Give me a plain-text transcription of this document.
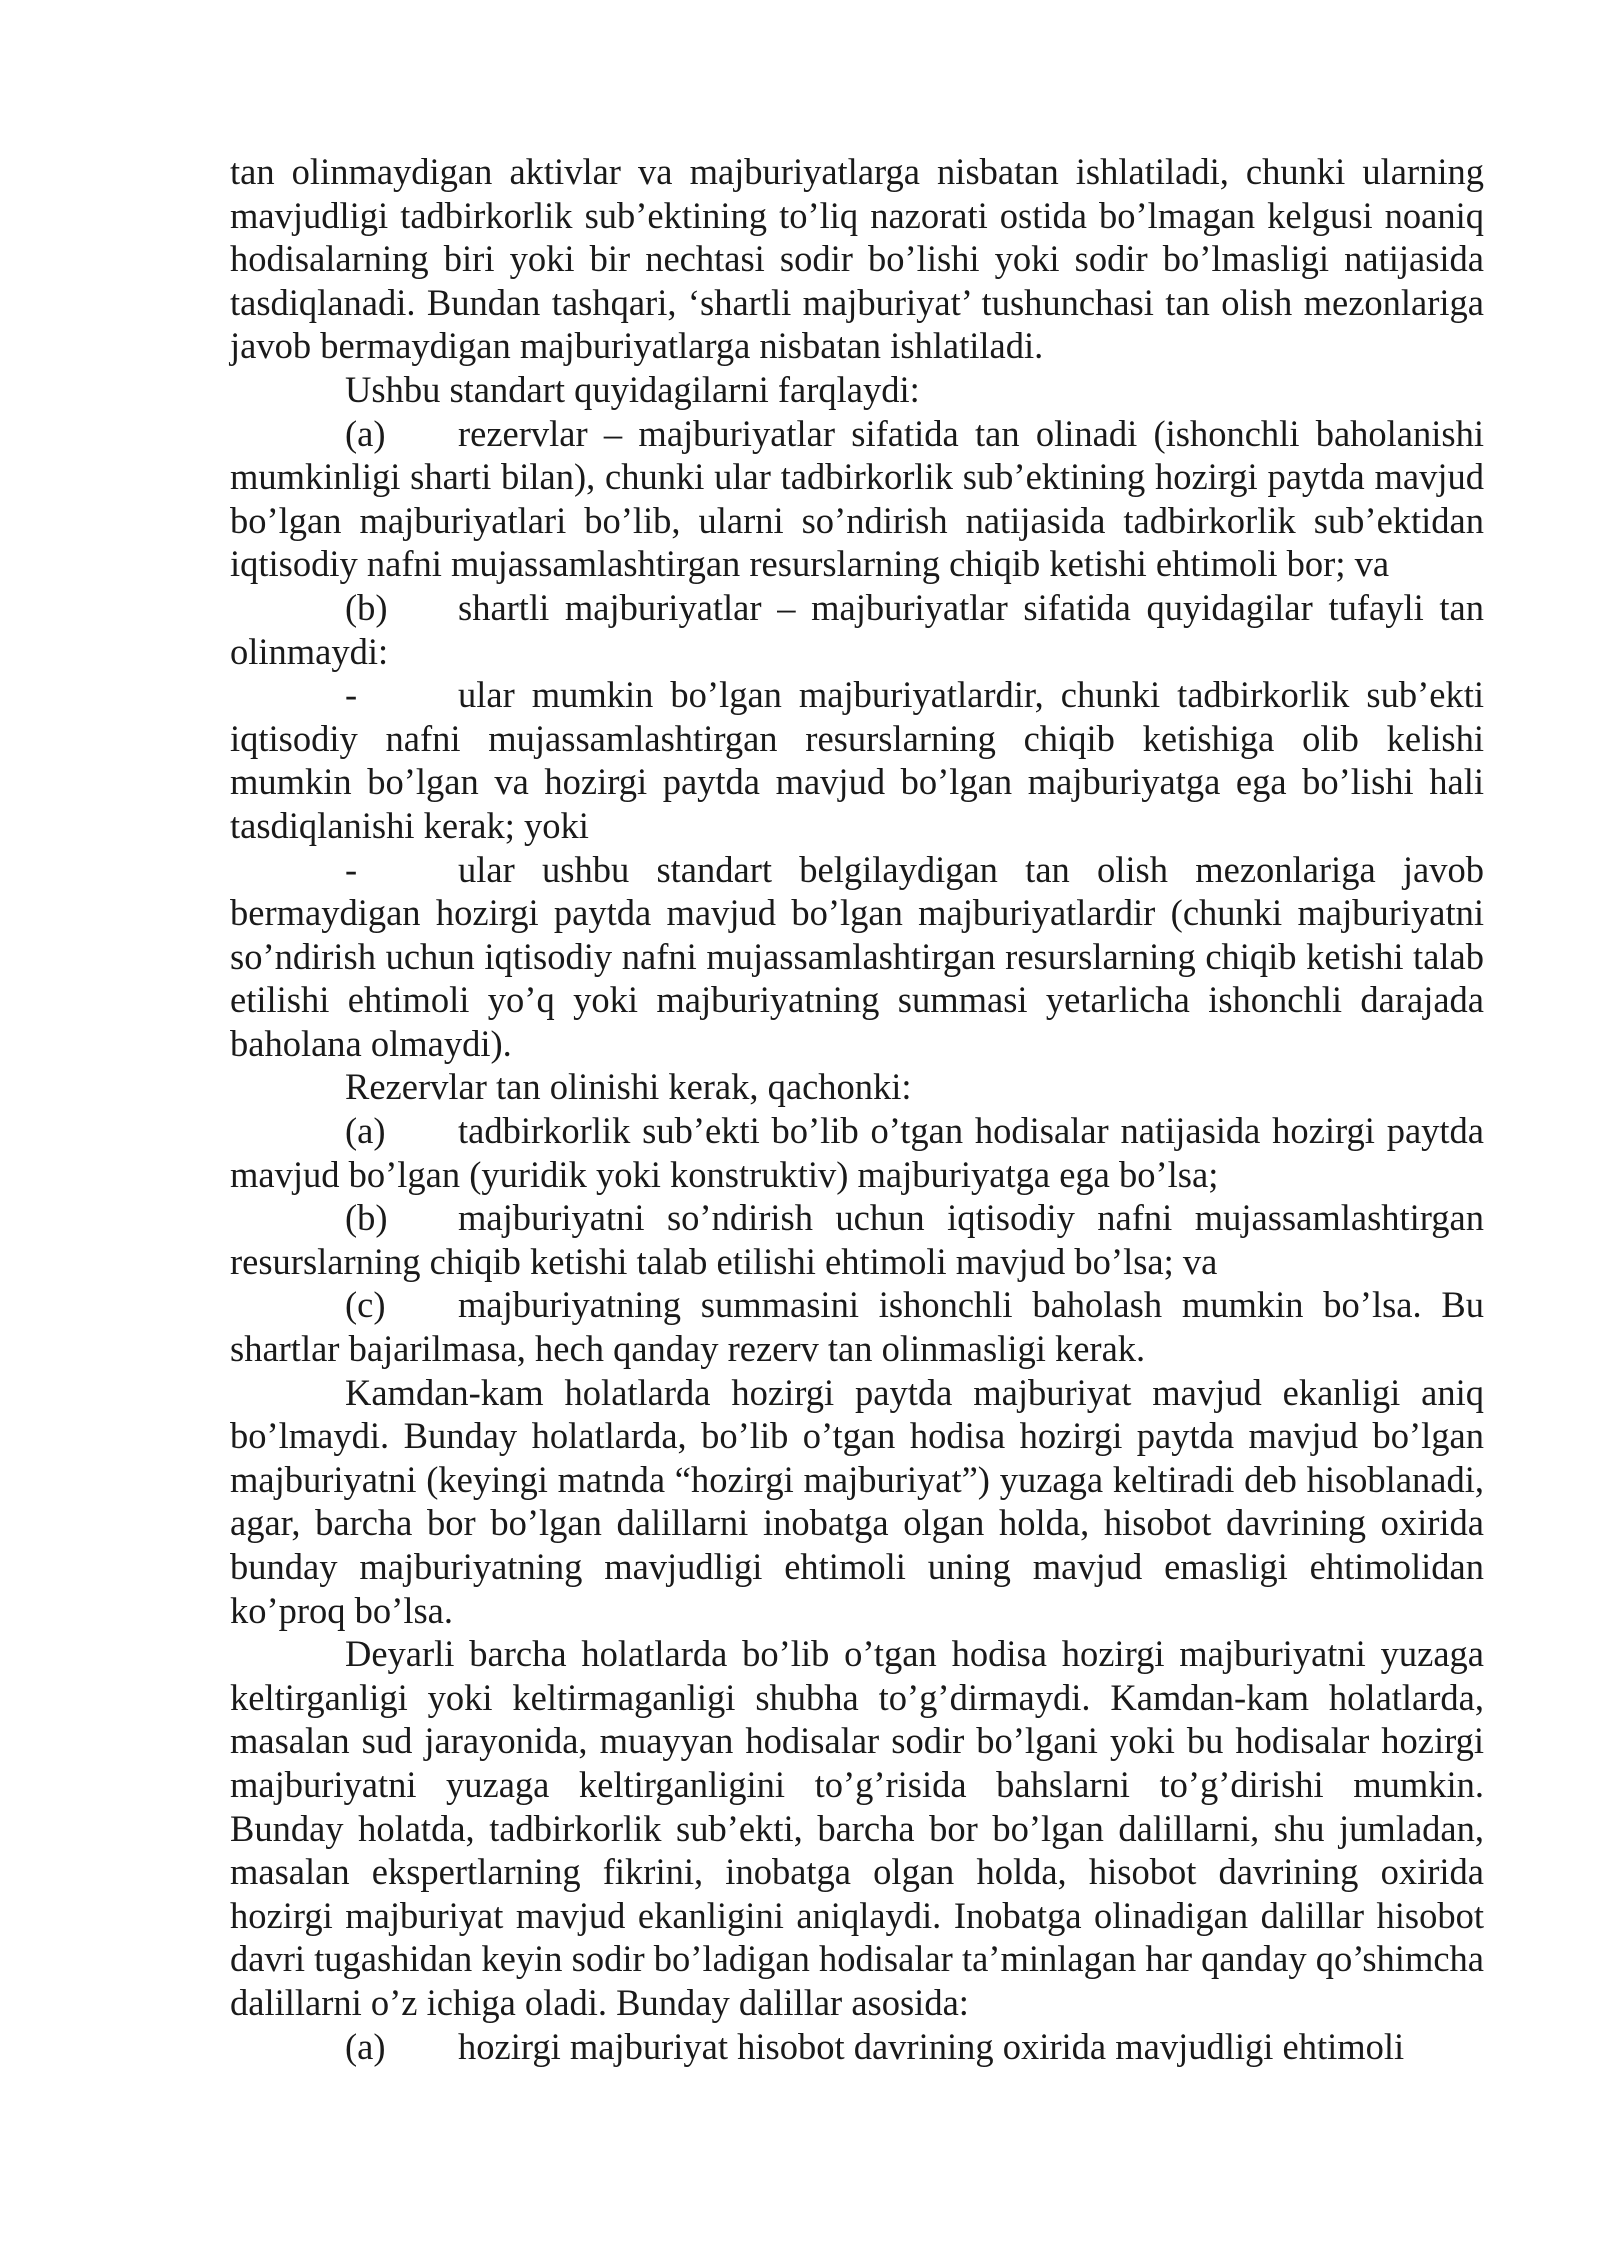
tan olinmaydigan aktivlar va majburiyatlarga nisbatan ishlatiladi, chunki ularning mavjudligi tadbirkorlik sub’ektining to’liq nazorati ostida bo’lmagan kelgusi noaniq hodisalarning biri yoki bir nechtasi sodir bo’lishi yoki sodir bo’lmasligi natijasida tasdiqlanadi. Bundan tashqari, ‘shartli majburiyat’ tushunchasi tan olish mezonlariga javob bermaydigan majburiyatlarga nisbatan ishlatiladi.

Ushbu standart quyidagilarni farqlaydi:

(a) rezervlar – majburiyatlar sifatida tan olinadi (ishonchli baholanishi mumkinligi sharti bilan), chunki ular tadbirkorlik sub’ektining hozirgi paytda mavjud bo’lgan majburiyatlari bo’lib, ularni so’ndirish natijasida tadbirkorlik sub’ektidan iqtisodiy nafni mujassamlashtirgan resurslarning chiqib ketishi ehtimoli bor; va

(b) shartli majburiyatlar – majburiyatlar sifatida quyidagilar tufayli tan olinmaydi:

-	ular mumkin bo’lgan majburiyatlardir, chunki tadbirkorlik sub’ekti iqtisodiy nafni mujassamlashtirgan resurslarning chiqib ketishiga olib kelishi mumkin bo’lgan va hozirgi paytda mavjud bo’lgan majburiyatga ega bo’lishi hali tasdiqlanishi kerak; yoki

-	ular ushbu standart belgilaydigan tan olish mezonlariga javob bermaydigan hozirgi paytda mavjud bo’lgan majburiyatlardir (chunki majburiyatni so’ndirish uchun iqtisodiy nafni mujassamlashtirgan resurslarning chiqib ketishi talab etilishi ehtimoli yo’q yoki majburiyatning summasi yetarlicha ishonchli darajada baholana olmaydi).

Rezervlar tan olinishi kerak, qachonki:

(a) tadbirkorlik sub’ekti bo’lib o’tgan hodisalar natijasida hozirgi paytda mavjud bo’lgan (yuridik yoki konstruktiv) majburiyatga ega bo’lsa;

(b) majburiyatni so’ndirish uchun iqtisodiy nafni mujassamlashtirgan resurslarning chiqib ketishi talab etilishi ehtimoli mavjud bo’lsa; va

(c) majburiyatning summasini ishonchli baholash mumkin bo’lsa. Bu shartlar bajarilmasa, hech qanday rezerv tan olinmasligi kerak.

Kamdan-kam holatlarda hozirgi paytda majburiyat mavjud ekanligi aniq bo’lmaydi. Bunday holatlarda, bo’lib o’tgan hodisa hozirgi paytda mavjud bo’lgan majburiyatni (keyingi matnda “hozirgi majburiyat”) yuzaga keltiradi deb hisoblanadi, agar, barcha bor bo’lgan dalillarni inobatga olgan holda, hisobot davrining oxirida bunday majburiyatning mavjudligi ehtimoli uning mavjud emasligi ehtimolidan ko’proq bo’lsa.

Deyarli barcha holatlarda bo’lib o’tgan hodisa hozirgi majburiyatni yuzaga keltirganligi yoki keltirmaganligi shubha to’g’dirmaydi. Kamdan-kam holatlarda, masalan sud jarayonida, muayyan hodisalar sodir bo’lgani yoki bu hodisalar hozirgi majburiyatni yuzaga keltirganligini to’g’risida bahslarni to’g’dirishi mumkin. Bunday holatda, tadbirkorlik sub’ekti, barcha bor bo’lgan dalillarni, shu jumladan, masalan ekspertlarning fikrini, inobatga olgan holda, hisobot davrining oxirida hozirgi majburiyat mavjud ekanligini aniqlaydi. Inobatga olinadigan dalillar hisobot davri tugashidan keyin sodir bo’ladigan hodisalar ta’minlagan har qanday qo’shimcha dalillarni o’z ichiga oladi. Bunday dalillar asosida:

(a) hozirgi majburiyat hisobot davrining oxirida mavjudligi ehtimoli
